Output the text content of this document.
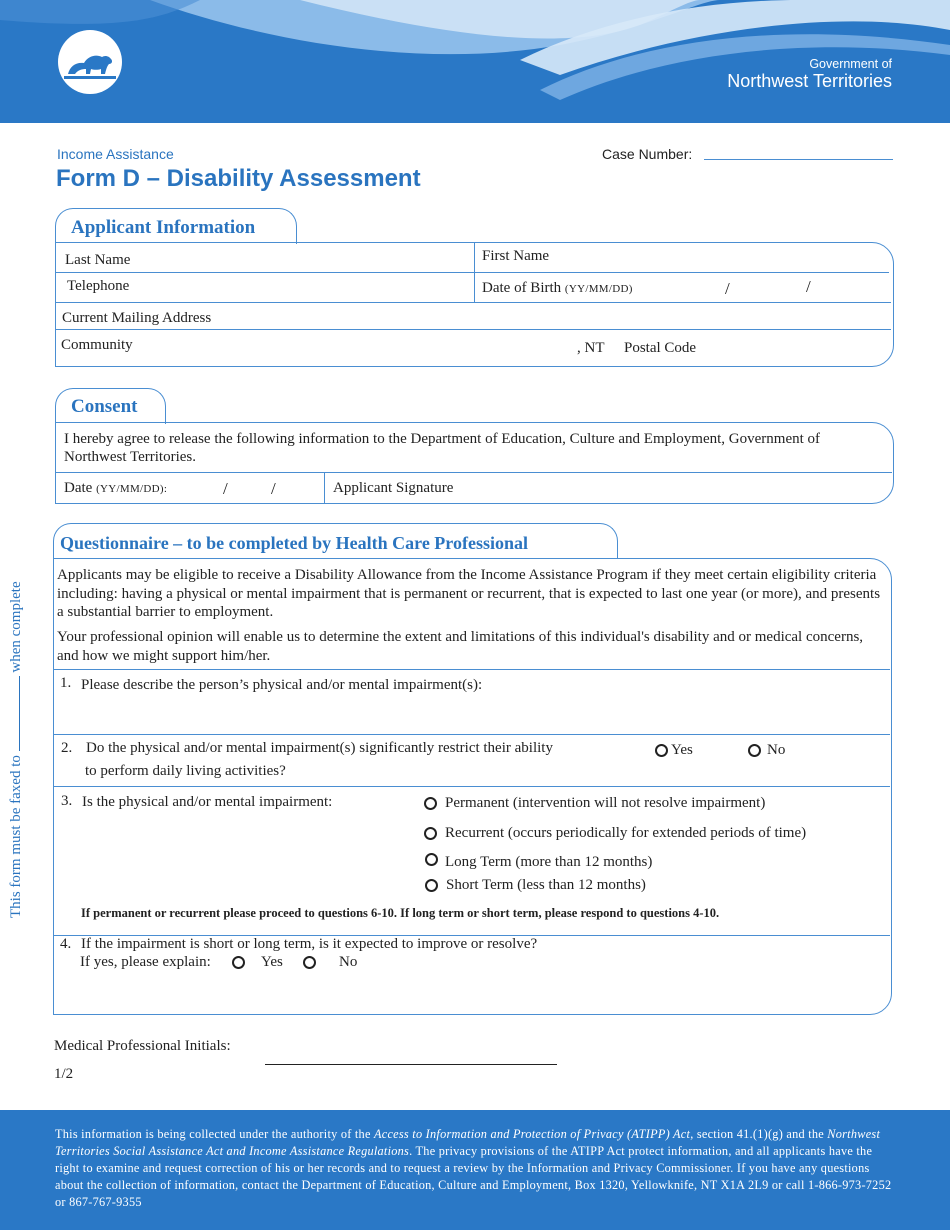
Government of
Northwest Territories
Income Assistance
Form D – Disability Assessment
Case Number:
This form must be faxed to  when complete
Applicant Information
Last Name	First Name
Telephone	Date of Birth (YY/MM/DD)	/	/
Current Mailing Address
Community	, NT Postal Code
Consent
I hereby agree to release the following information to the Department of Education, Culture and Employment, Government of Northwest Territories.
Date (YY/MM/DD):	/	/	Applicant Signature
Questionnaire – to be completed by Health Care Professional
Applicants may be eligible to receive a Disability Allowance from the Income Assistance Program if they meet certain eligibility criteria including: having a physical or mental impairment that is permanent or recurrent, that is expected to last one year (or more), and presents a substantial barrier to employment.
Your professional opinion will enable us to determine the extent and limitations of this individual's disability and or medical concerns, and how we might support him/her.
1. Please describe the person’s physical and/or mental impairment(s):
2. Do the physical and/or mental impairment(s) significantly restrict their ability
to perform daily living activities?
Yes	No
3. Is the physical and/or mental impairment:	Permanent (intervention will not resolve impairment)
Recurrent (occurs periodically for extended periods of time)
Long Term (more than 12 months)
Short Term (less than 12 months)
If permanent or recurrent please proceed to questions 6-10. If long term or short term, please respond to questions 4-10.
4. If the impairment is short or long term, is it expected to improve or resolve?
If yes, please explain:	Yes	No
Medical Professional Initials:
1/2

This information is being collected under the authority of the Access to Information and Protection of Privacy (ATIPP) Act, section 41.(1)(g) and the Northwest Territories Social Assistance Act and Income Assistance Regulations. The privacy provisions of the ATIPP Act protect information, and all applicants have the right to examine and request correction of his or her records and to request a review by the Information and Privacy Commissioner. If you have any questions about the collection of information, contact the Department of Education, Culture and Employment, Box 1320, Yellowknife, NT X1A 2L9 or call 1-866-973-7252 or 867-767-9355
